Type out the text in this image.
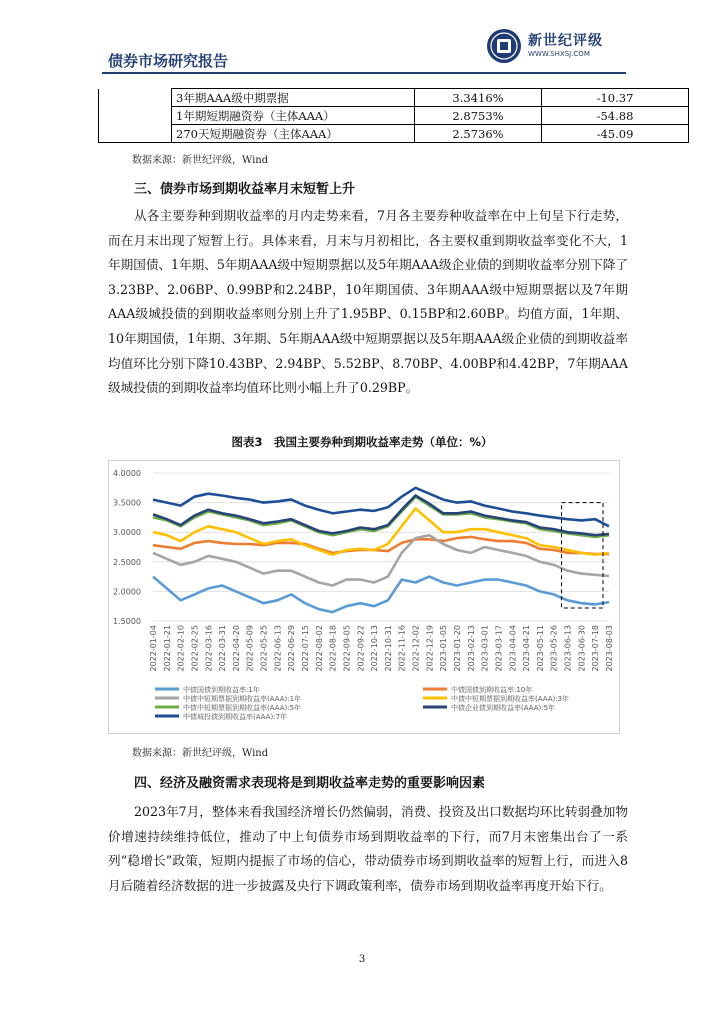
债券市场研究报告
新世纪评级
WWW.SHXSJ.COM
	3年期AAA级中期票据	3.3416%	-10.37
	1年期短期融资券（主体AAA）	2.8753%	-54.88
	270天短期融资券（主体AAA）	2.5736%	-45.09
数据来源：新世纪评级，Wind
三、债券市场到期收益率月末短暂上升

从各主要券种到期收益率的月内走势来看，7月各主要券种收益率在中上旬呈下行走势，而在月末出现了短暂上行。具体来看，月末与月初相比，各主要权重到期收益率变化不大，1年期国债、1年期、5年期AAA级中短期票据以及5年期AAA级企业债的到期收益率分别下降了3.23BP、2.06BP、0.99BP和2.24BP，10年期国债、3年期AAA级中短期票据以及7年期AAA级城投债的到期收益率则分别上升了1.95BP、0.15BP和2.60BP。均值方面，1年期、10年期国债，1年期、3年期、5年期AAA级中短期票据以及5年期AAA级企业债的到期收益率均值环比分别下降10.43BP、2.94BP、5.52BP、8.70BP、4.00BP和4.42BP，7年期AAA级城投债的到期收益率均值环比则小幅上升了0.29BP。

图表3　我国主要券种到期收益率走势（单位：%）
4.0000
3.5000
3.0000
2.5000
2.0000
1.5000
2022-01-04 2022-01-21 2022-02-10 2022-02-25 2022-03-16 2022-03-31 2022-04-20 2022-05-09 2022-05-25 2022-06-13 2022-06-29 2022-07-15 2022-08-02 2022-08-18 2022-09-05 2022-09-22 2022-10-13 2022-10-31 2022-11-16 2022-12-02 2022-12-19 2023-01-05 2023-01-20 2023-02-13 2023-03-01 2023-03-17 2023-04-04 2023-04-21 2023-05-11 2023-05-26 2023-06-13 2023-06-30 2023-07-18 2023-08-03
中债国债到期收益率:1年	中债国债到期收益率:10年
中债中短期票据到期收益率(AAA):1年	中债中短期票据到期收益率(AAA):3年
中债中短期票据到期收益率(AAA):5年	中债企业债到期收益率(AAA):5年
中债城投债到期收益率(AAA):7年
数据来源：新世纪评级，Wind
四、经济及融资需求表现将是到期收益率走势的重要影响因素

2023年7月，整体来看我国经济增长仍然偏弱，消费、投资及出口数据均环比转弱叠加物价增速持续维持低位，推动了中上旬债券市场到期收益率的下行，而7月末密集出台了一系列“稳增长”政策，短期内提振了市场的信心，带动债券市场到期收益率的短暂上行，而进入8月后随着经济数据的进一步披露及央行下调政策利率，债券市场到期收益率再度开始下行。

3
